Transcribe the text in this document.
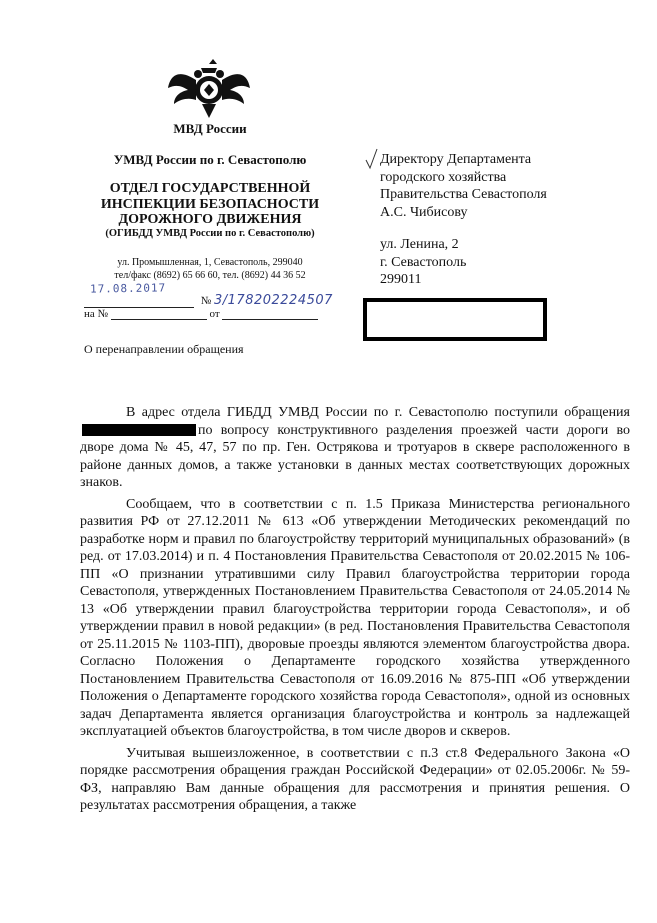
МВД России
УМВД России по г. Севастополю
ОТДЕЛ ГОСУДАРСТВЕННОЙ
ИНСПЕКЦИИ БЕЗОПАСНОСТИ
ДОРОЖНОГО ДВИЖЕНИЯ
(ОГИБДД УМВД России по г. Севастополю)
ул. Промышленная, 1, Севастополь, 299040
тел/факс (8692) 65 66 60, тел. (8692) 44 36 52
17.08.2017
№ 3/178202224507
на №	от
О перенаправлении обращения
Директору Департамента
городского хозяйства
Правительства Севастополя
А.С. Чибисову
ул. Ленина, 2
г. Севастополь
299011

В адрес отдела ГИБДД УМВД России по г. Севастополю поступили обращенияпо вопросу конструктивного разделения проезжей части дороги во дворе дома № 45, 47, 57 по пр. Ген. Острякова и тротуаров в сквере расположенного в районе данных домов, а также установки в данных местах соответствующих дорожных знаков.

Сообщаем, что в соответствии с п. 1.5 Приказа Министерства регионального развития РФ от 27.12.2011 № 613 «Об утверждении Методических рекомендаций по разработке норм и правил по благоустройству территорий муниципальных образований» (в ред. от 17.03.2014) и п. 4 Постановления Правительства Севастополя от 20.02.2015 № 106-ПП «О признании утратившими силу Правил благоустройства территории города Севастополя, утвержденных Постановлением Правительства Севастополя от 24.05.2014 № 13 «Об утверждении правил благоустройства территории города Севастополя», и об утверждении правил в новой редакции» (в ред. Постановления Правительства Севастополя от 25.11.2015 № 1103-ПП), дворовые проезды являются элементом благоустройства двора. Согласно Положения о Департаменте городского хозяйства утвержденного Постановлением Правительства Севастополя от 16.09.2016 № 875-ПП «Об утверждении Положения о Департаменте городского хозяйства города Севастополя», одной из основных задач Департамента является организация благоустройства и контроль за надлежащей эксплуатацией объектов благоустройства, в том числе дворов и скверов.

Учитывая вышеизложенное, в соответствии с п.3 ст.8 Федерального Закона «О порядке рассмотрения обращения граждан Российской Федерации» от 02.05.2006г. № 59-ФЗ, направляю Вам данные обращения для рассмотрения и принятия решения. О результатах рассмотрения обращения, а также
